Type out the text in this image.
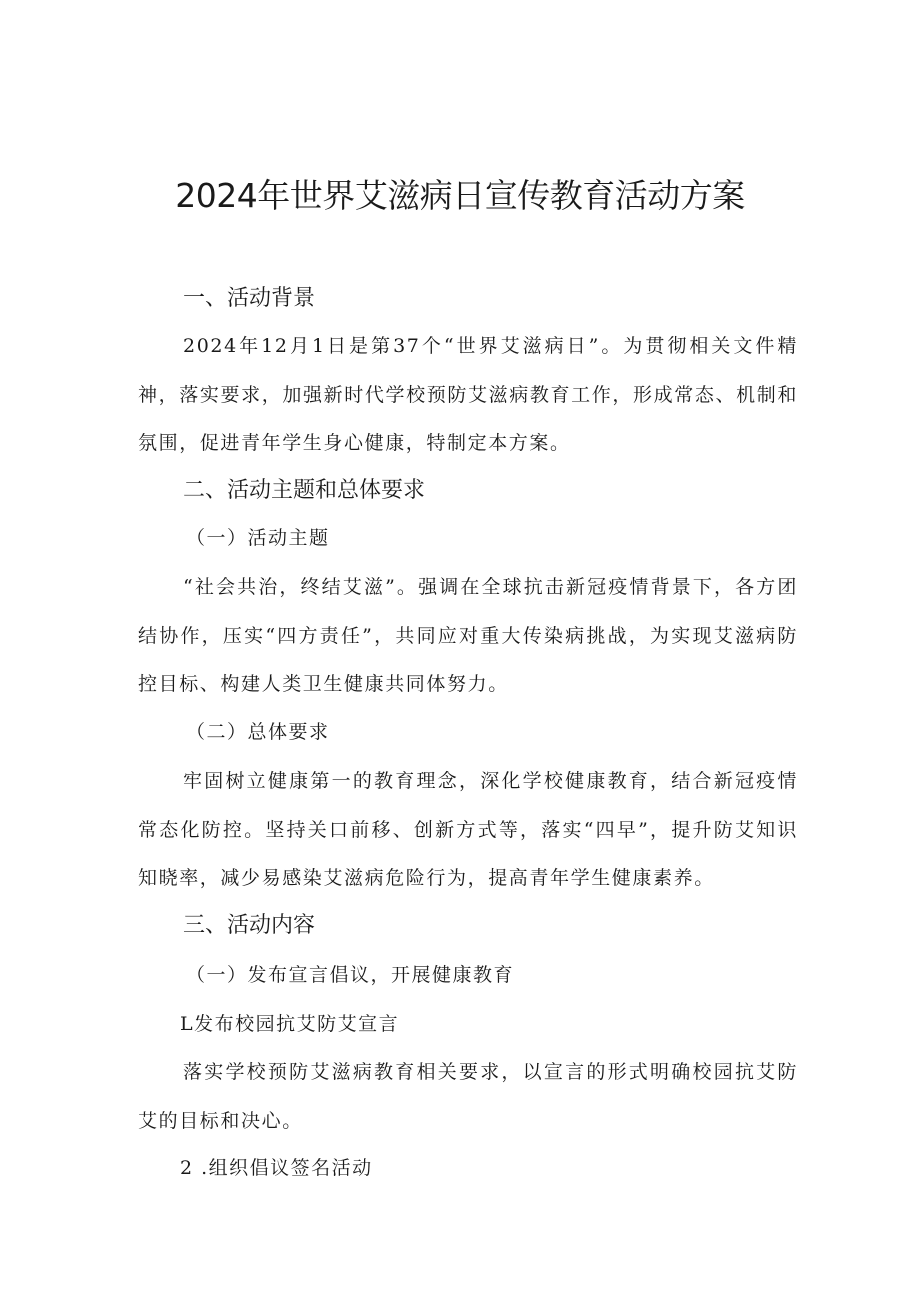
2024年世界艾滋病日宣传教育活动方案
一、活动背景

2024年12月1日是第37个“世界艾滋病日”。为贯彻相关文件精神，落实要求，加强新时代学校预防艾滋病教育工作，形成常态、机制和氛围，促进青年学生身心健康，特制定本方案。

二、活动主题和总体要求

（一）活动主题

“社会共治，终结艾滋”。强调在全球抗击新冠疫情背景下，各方团结协作，压实“四方责任”，共同应对重大传染病挑战，为实现艾滋病防控目标、构建人类卫生健康共同体努力。

（二）总体要求

牢固树立健康第一的教育理念，深化学校健康教育，结合新冠疫情常态化防控。坚持关口前移、创新方式等，落实“四早”，提升防艾知识知晓率，减少易感染艾滋病危险行为，提高青年学生健康素养。

三、活动内容

（一）发布宣言倡议，开展健康教育

L发布校园抗艾防艾宣言

落实学校预防艾滋病教育相关要求，以宣言的形式明确校园抗艾防艾的目标和决心。

2 .组织倡议签名活动
